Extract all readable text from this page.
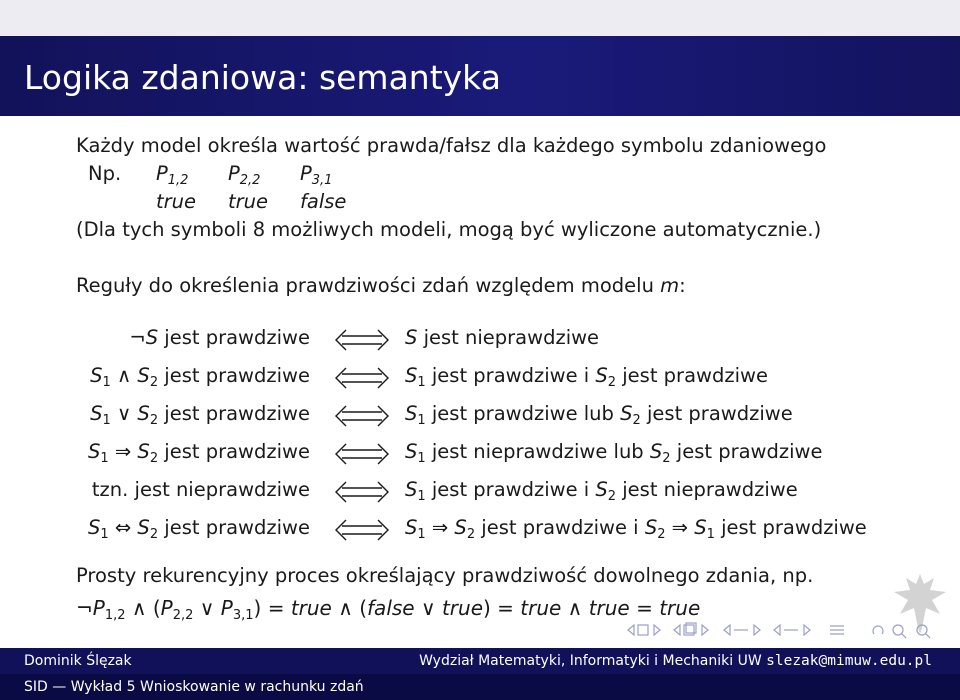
Logika zdaniowa: semantyka
Każdy model określa wartość prawda/fałsz dla każdego symbolu zdaniowego
Np. $P_{1,2}$ $P_{2,2}$ $P_{3,1}$
true true false
(Dla tych symboli 8 możliwych modeli, mogą być wyliczone automatycznie.)
Reguły do określenia prawdziwości zdań względem modelu m:
¬S jest prawdziwe	S jest nieprawdziwe
$S_1$ ∧ $S_2$ jest prawdziwe	$S_1$ jest prawdziwe i $S_2$ jest prawdziwe
$S_1$ ∨ $S_2$ jest prawdziwe	$S_1$ jest prawdziwe lub $S_2$ jest prawdziwe
$S_1$ ⇒ $S_2$ jest prawdziwe	$S_1$ jest nieprawdziwe lub $S_2$ jest prawdziwe
tzn. jest nieprawdziwe	$S_1$ jest prawdziwe i $S_2$ jest nieprawdziwe
$S_1$ ⇔ $S_2$ jest prawdziwe	$S_1$ ⇒ $S_2$ jest prawdziwe i $S_2$ ⇒ $S_1$ jest prawdziwe
Prosty rekurencyjny proces określający prawdziwość dowolnego zdania, np.
$\neg P_{1,2}$ ∧ ($P_{2,2}$ ∨ $P_{3,1}$) = true ∧ (false ∨ true) = true ∧ true = true
Dominik Ślęzak	Wydział Matematyki, Informatyki i Mechaniki UW slezak@mimuw.edu.pl
SID — Wykład 5 Wnioskowanie w rachunku zdań
